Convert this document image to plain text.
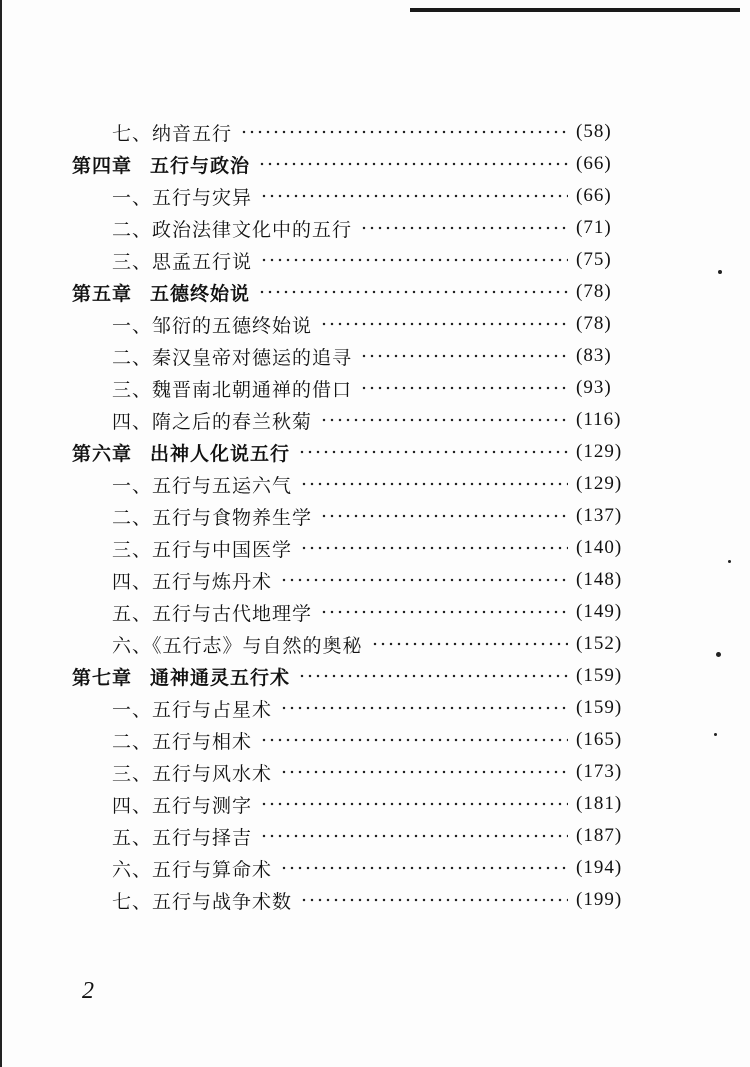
七、纳音五行	(58)
第四章 五行与政治	(66)
一、五行与灾异	(66)
二、政治法律文化中的五行	(71)
三、思孟五行说	(75)
第五章 五德终始说	(78)
一、邹衍的五德终始说	(78)
二、秦汉皇帝对德运的追寻	(83)
三、魏晋南北朝通禅的借口	(93)
四、隋之后的春兰秋菊	(116)
第六章 出神人化说五行	(129)
一、五行与五运六气	(129)
二、五行与食物养生学	(137)
三、五行与中国医学	(140)
四、五行与炼丹术	(148)
五、五行与古代地理学	(149)
六、《五行志》与自然的奥秘	(152)
第七章 通神通灵五行术	(159)
一、五行与占星术	(159)
二、五行与相术	(165)
三、五行与风水术	(173)
四、五行与测字	(181)
五、五行与择吉	(187)
六、五行与算命术	(194)
七、五行与战争术数	(199)
2
